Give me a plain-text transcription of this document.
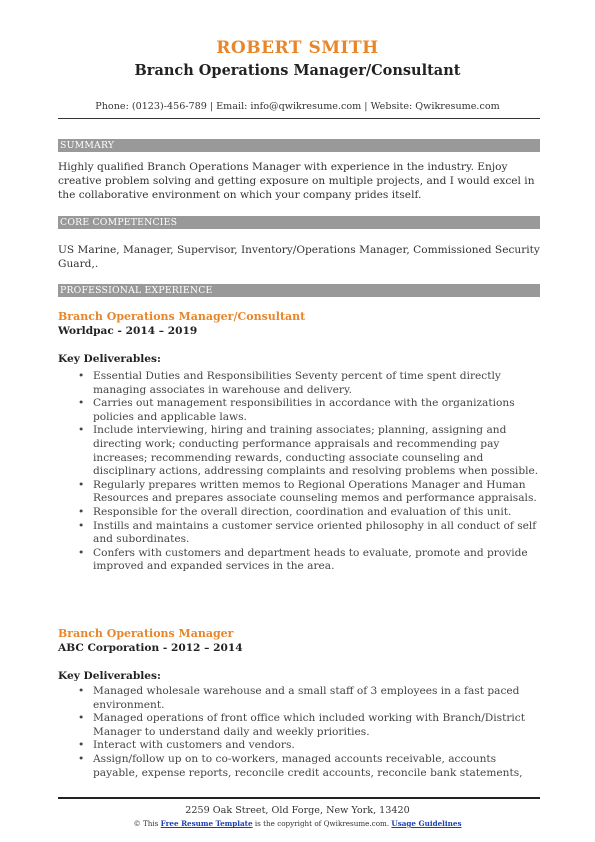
ROBERT SMITH
Branch Operations Manager/Consultant
Phone: (0123)-456-789 | Email: info@qwikresume.com | Website: Qwikresume.com
SUMMARY
Highly qualified Branch Operations Manager with experience in the industry. Enjoy creative problem solving and getting exposure on multiple projects, and I would excel in the collaborative environment on which your company prides itself.
CORE COMPETENCIES
US Marine, Manager, Supervisor, Inventory/Operations Manager, Commissioned Security Guard,.
PROFESSIONAL EXPERIENCE
Branch Operations Manager/Consultant
Worldpac - 2014 – 2019
Key Deliverables:
• Essential Duties and Responsibilities Seventy percent of time spent directly managing associates in warehouse and delivery.
• Carries out management responsibilities in accordance with the organizations policies and applicable laws.
• Include interviewing, hiring and training associates; planning, assigning and directing work; conducting performance appraisals and recommending pay increases; recommending rewards, conducting associate counseling and disciplinary actions, addressing complaints and resolving problems when possible.
• Regularly prepares written memos to Regional Operations Manager and Human Resources and prepares associate counseling memos and performance appraisals.
• Responsible for the overall direction, coordination and evaluation of this unit.
• Instills and maintains a customer service oriented philosophy in all conduct of self and subordinates.
• Confers with customers and department heads to evaluate, promote and provide improved and expanded services in the area.
Branch Operations Manager
ABC Corporation - 2012 – 2014
Key Deliverables:
• Managed wholesale warehouse and a small staff of 3 employees in a fast paced environment.
• Managed operations of front office which included working with Branch/District Manager to understand daily and weekly priorities.
• Interact with customers and vendors.
• Assign/follow up on to co-workers, managed accounts receivable, accounts payable, expense reports, reconcile credit accounts, reconcile bank statements,
2259 Oak Street, Old Forge, New York, 13420
© This Free Resume Template is the copyright of Qwikresume.com. Usage Guidelines
